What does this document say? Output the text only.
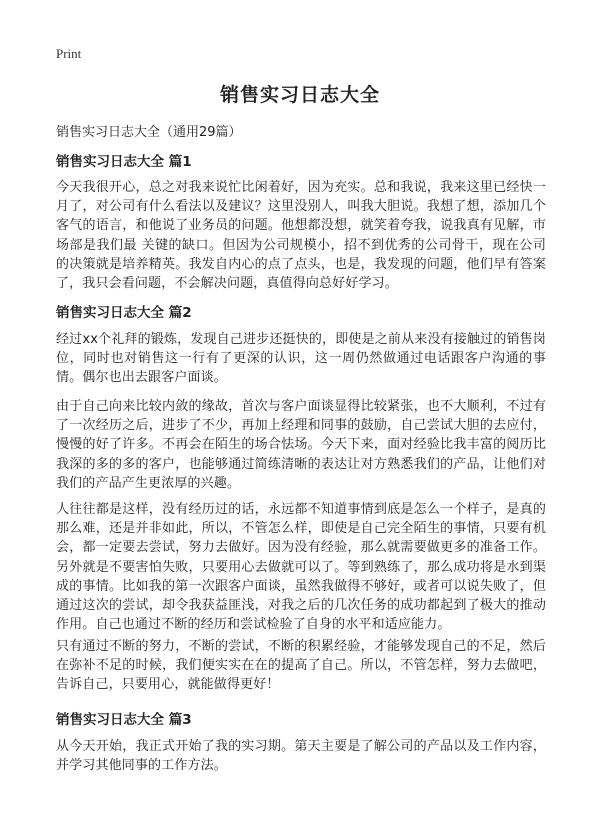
Print
销售实习日志大全
销售实习日志大全（通用29篇）
销售实习日志大全 篇1
今天我很开心，总之对我来说忙比闲着好，因为充实。总和我说，我来这里已经快一月了，对公司有什么看法以及建议？这里没别人，叫我大胆说。我想了想，添加几个客气的语言，和他说了业务员的问题。他想都没想，就笑着夸我，说我真有见解，市场部是我们最 关键的缺口。但因为公司规模小，招不到优秀的公司骨干，现在公司的决策就是培养精英。我发自内心的点了点头，也是，我发现的问题，他们早有答案了，我只会看问题，不会解决问题，真值得向总好好学习。
销售实习日志大全 篇2
经过xx个礼拜的锻炼，发现自己进步还挺快的，即使是之前从来没有接触过的销售岗位，同时也对销售这一行有了更深的认识，这一周仍然做通过电话跟客户沟通的事情。偶尔也出去跟客户面谈。
由于自己向来比较内敛的缘故，首次与客户面谈显得比较紧张，也不大顺利，不过有了一次经历之后，进步了不少，再加上经理和同事的鼓励，自己尝试大胆的去应付，慢慢的好了许多。不再会在陌生的场合怯场。今天下来，面对经验比我丰富的阅历比我深的多的多的客户，也能够通过简练清晰的表达让对方熟悉我们的产品，让他们对我们的产品产生更浓厚的兴趣。
人往往都是这样，没有经历过的话，永远都不知道事情到底是怎么一个样子，是真的那么难，还是并非如此，所以，不管怎么样，即使是自己完全陌生的事情，只要有机会，都一定要去尝试，努力去做好。因为没有经验，那么就需要做更多的准备工作。另外就是不要害怕失败，只要用心去做就可以了。等到熟练了，那么成功将是水到渠成的事情。比如我的第一次跟客户面谈，虽然我做得不够好，或者可以说失败了，但通过这次的尝试，却令我获益匪浅，对我之后的几次任务的成功都起到了极大的推动作用。自己也通过不断的经历和尝试检验了自身的水平和适应能力。
只有通过不断的努力，不断的尝试，不断的积累经验，才能够发现自己的不足，然后在弥补不足的时候，我们便实实在在的提高了自己。所以，不管怎样，努力去做吧，告诉自己，只要用心，就能做得更好！
销售实习日志大全 篇3
从今天开始，我正式开始了我的实习期。第天主要是了解公司的产品以及工作内容，并学习其他同事的工作方法。
